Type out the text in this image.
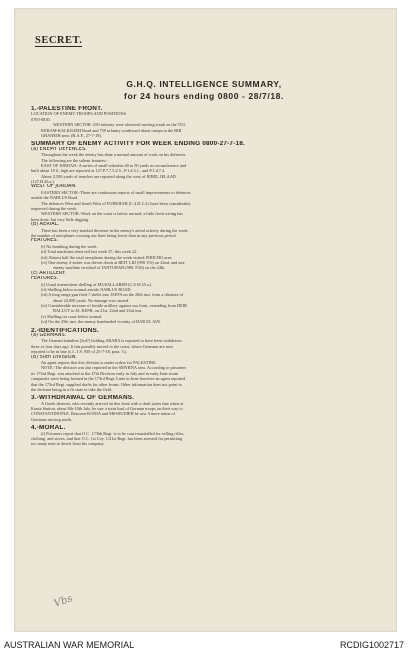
SECRET.
G.H.Q. INTELLIGENCE SUMMARY,
for 24 hours ending 0800 - 28/7/18.
1.-PALESTINE FRONT.
LOCATION OF ENEMY TROOPS AND POSITIONS.
0700-0830.
WESTERN SECTOR.-250 infantry were observed moving south on the TUL
KERAM-KALKILIEH Road and 750 infantry southward about camps in the BIR
GHANEIH area. (R.A.F., 27-7-18).
SUMMARY OF ENEMY ACTIVITY FOR WEEK ENDING 0800-27-7-18.
(a) ENEMY DEFENCES.
Throughout the week the enemy has done a normal amount of work on his defences.
The following are the salient features:-
EAST OF JORDAN.-A series of small redoubts 40 to 50 yards in circumference and
built about 10 ft. high are reported at 127.P.7,7.5.2.5., P.1.d.3.1., and P.1.d.7.2.
About 2,500 yards of trenches are reported along the crest of JEBEL JELAAD
(127.H.26.a.).
WEST OF JORDAN.
EASTERN SECTOR.-There are continuous reports of small improvements to defences
astride the NABLUS Road.
The defences West and South West of FURKHAH (C.4.D.2.4.) have been considerably
improved during the week.
WESTERN SECTOR.-Work on the coast is below normal; a little fresh wiring has
been done, but very little digging.
(b) AERIAL.
There has been a very marked decrease in the enemy's aerial activity during the week,
the number of aeroplanes crossing our lines being lower than in any previous period.
FEATURES.
(i) No bombing during the week.
(ii) Total machines observed last week 37; this week 22.
(iii) Almost half the total aeroplanes during the week visited JERICHO area.
(iv) One enemy 2-seater was driven down at BEIT LID (998. F.6) on 22nd, and one
enemy machine wrecked at TANTURAH (980. P.26) on the 24th.
(c) ARTILLERY.
FEATURES.
(i) Usual intermittent shelling of MUSALLABEH (C.8.W.25.a.).
(ii) Shelling below normal astride NABLUS ROAD.
(iii) A long range gun fired 7 shells into JAFFA on the 20th inst. from a distance of
about 24,000 yards. No damage was caused.
(iv) Considerable increase of hostile artillery against our front, extending from DEIR
BALLUT to EL KEFR, on 21st, 22nd and 23rd inst.
(v) Shelling on coast below normal.
(vi) On the 25th inst. the enemy bombarded vicinity of DAR EL AIN.
2.-IDENTIFICATIONS.
(a) GERMANS.
The German battalion (3rd?) holding ARARA is reported to have been withdrawn
three or four days ago. It has possibly moved to the coast, where Germans are now
reported to be in line (c.f., I.S. 939 of 25-7-18, para. 3.).
(b) 50th DIVISION.
An agent reports that this division is under orders for PALESTINE.
NOTE.-The division was last reported in the SMYRNA area. According to prisoners
its 173rd Regt. was attached to the 47th Division early in July and in early June storm
companies were being formed in the 173rd Regt. Later in June however an agent reported
that the 173rd Regt. supplied drafts for other fronts. Other information does not point to
the division being in a fit state to take the field.
3.-WITHDRAWAL OF GERMANS.
A Greek deserter, who recently arrived on this front with a draft states that when at
Konia Station, about 8th-10th July, he saw a train load of German troops on their way to
CONSTANTINOPLE. Between KONIA and MESSUDIEH he saw 4 more trains of
Germans moving north.
4.-MORAL.
(i) Prisoners report that O.C. 1/76th Regt. is to be court-martialled for selling rifles,
clothing, and stores, and that O.C. 1st Coy. 1/21st Regt. has been arrested for permitting
too many men to desert from his company.
Vbs
AUSTRALIAN WAR MEMORIAL	RCDIG1002717
